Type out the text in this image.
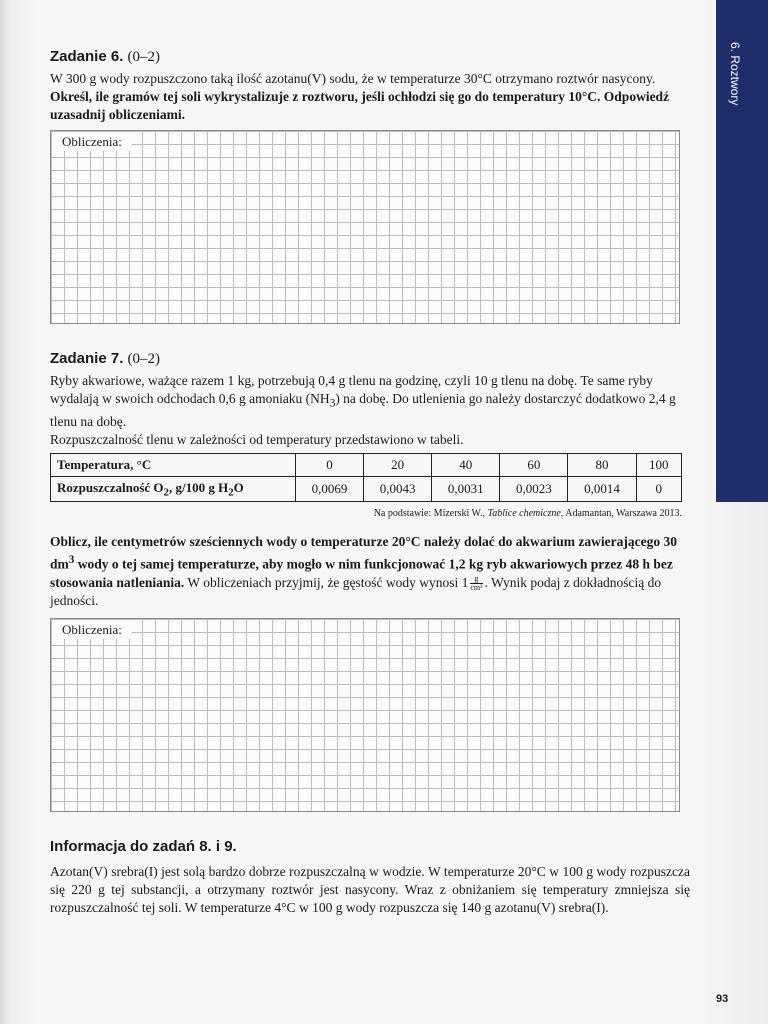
6. Roztwory
Zadanie 6. (0–2)

W 300 g wody rozpuszczono taką ilość azotanu(V) sodu, że w temperaturze 30°C otrzymano roztwór nasycony.

Określ, ile gramów tej soli wykrystalizuje z roztworu, jeśli ochłodzi się go do temperatury 10°C. Odpowiedź uzasadnij obliczeniami.

Obliczenia:
Zadanie 7. (0–2)

Ryby akwariowe, ważące razem 1 kg, potrzebują 0,4 g tlenu na godzinę, czyli 10 g tlenu na dobę. Te same ryby wydalają w swoich odchodach 0,6 g amoniaku $(NH_3)$ na dobę. Do utlenienia go należy dostarczyć dodatkowo 2,4 g tlenu na dobę.

Rozpuszczalność tlenu w zależności od temperatury przedstawiono w tabeli.

Temperatura, °C	0	20	40	60	80	100
Rozpuszczalność $O_2$, g/100 g $H_2O$	0,0069	0,0043	0,0031	0,0023	0,0014	0
Na podstawie: Mizerski W., Tablice chemiczne, Adamantan, Warszawa 2013.

Oblicz, ile centymetrów sześciennych wody o temperaturze 20°C należy dolać do akwarium zawierającego 30 $dm^3$ wody o tej samej temperaturze, aby mogło w nim funkcjonować 1,2 kg ryb akwariowych przez 48 h bez stosowania natleniania. W obliczeniach przyjmij, że gęstość wody wynosi $1 \frac{g}{\text{cm³}}$ . Wynik podaj z dokładnością do jedności.

Obliczenia:
Informacja do zadań 8. i 9.

Azotan(V) srebra(I) jest solą bardzo dobrze rozpuszczalną w wodzie. W temperaturze 20°C w 100 g wody rozpuszcza się 220 g tej substancji, a otrzymany roztwór jest nasycony. Wraz z obniżaniem się temperatury zmniejsza się rozpuszczalność tej soli. W temperaturze 4°C w 100 g wody rozpuszcza się 140 g azotanu(V) srebra(I).

93
